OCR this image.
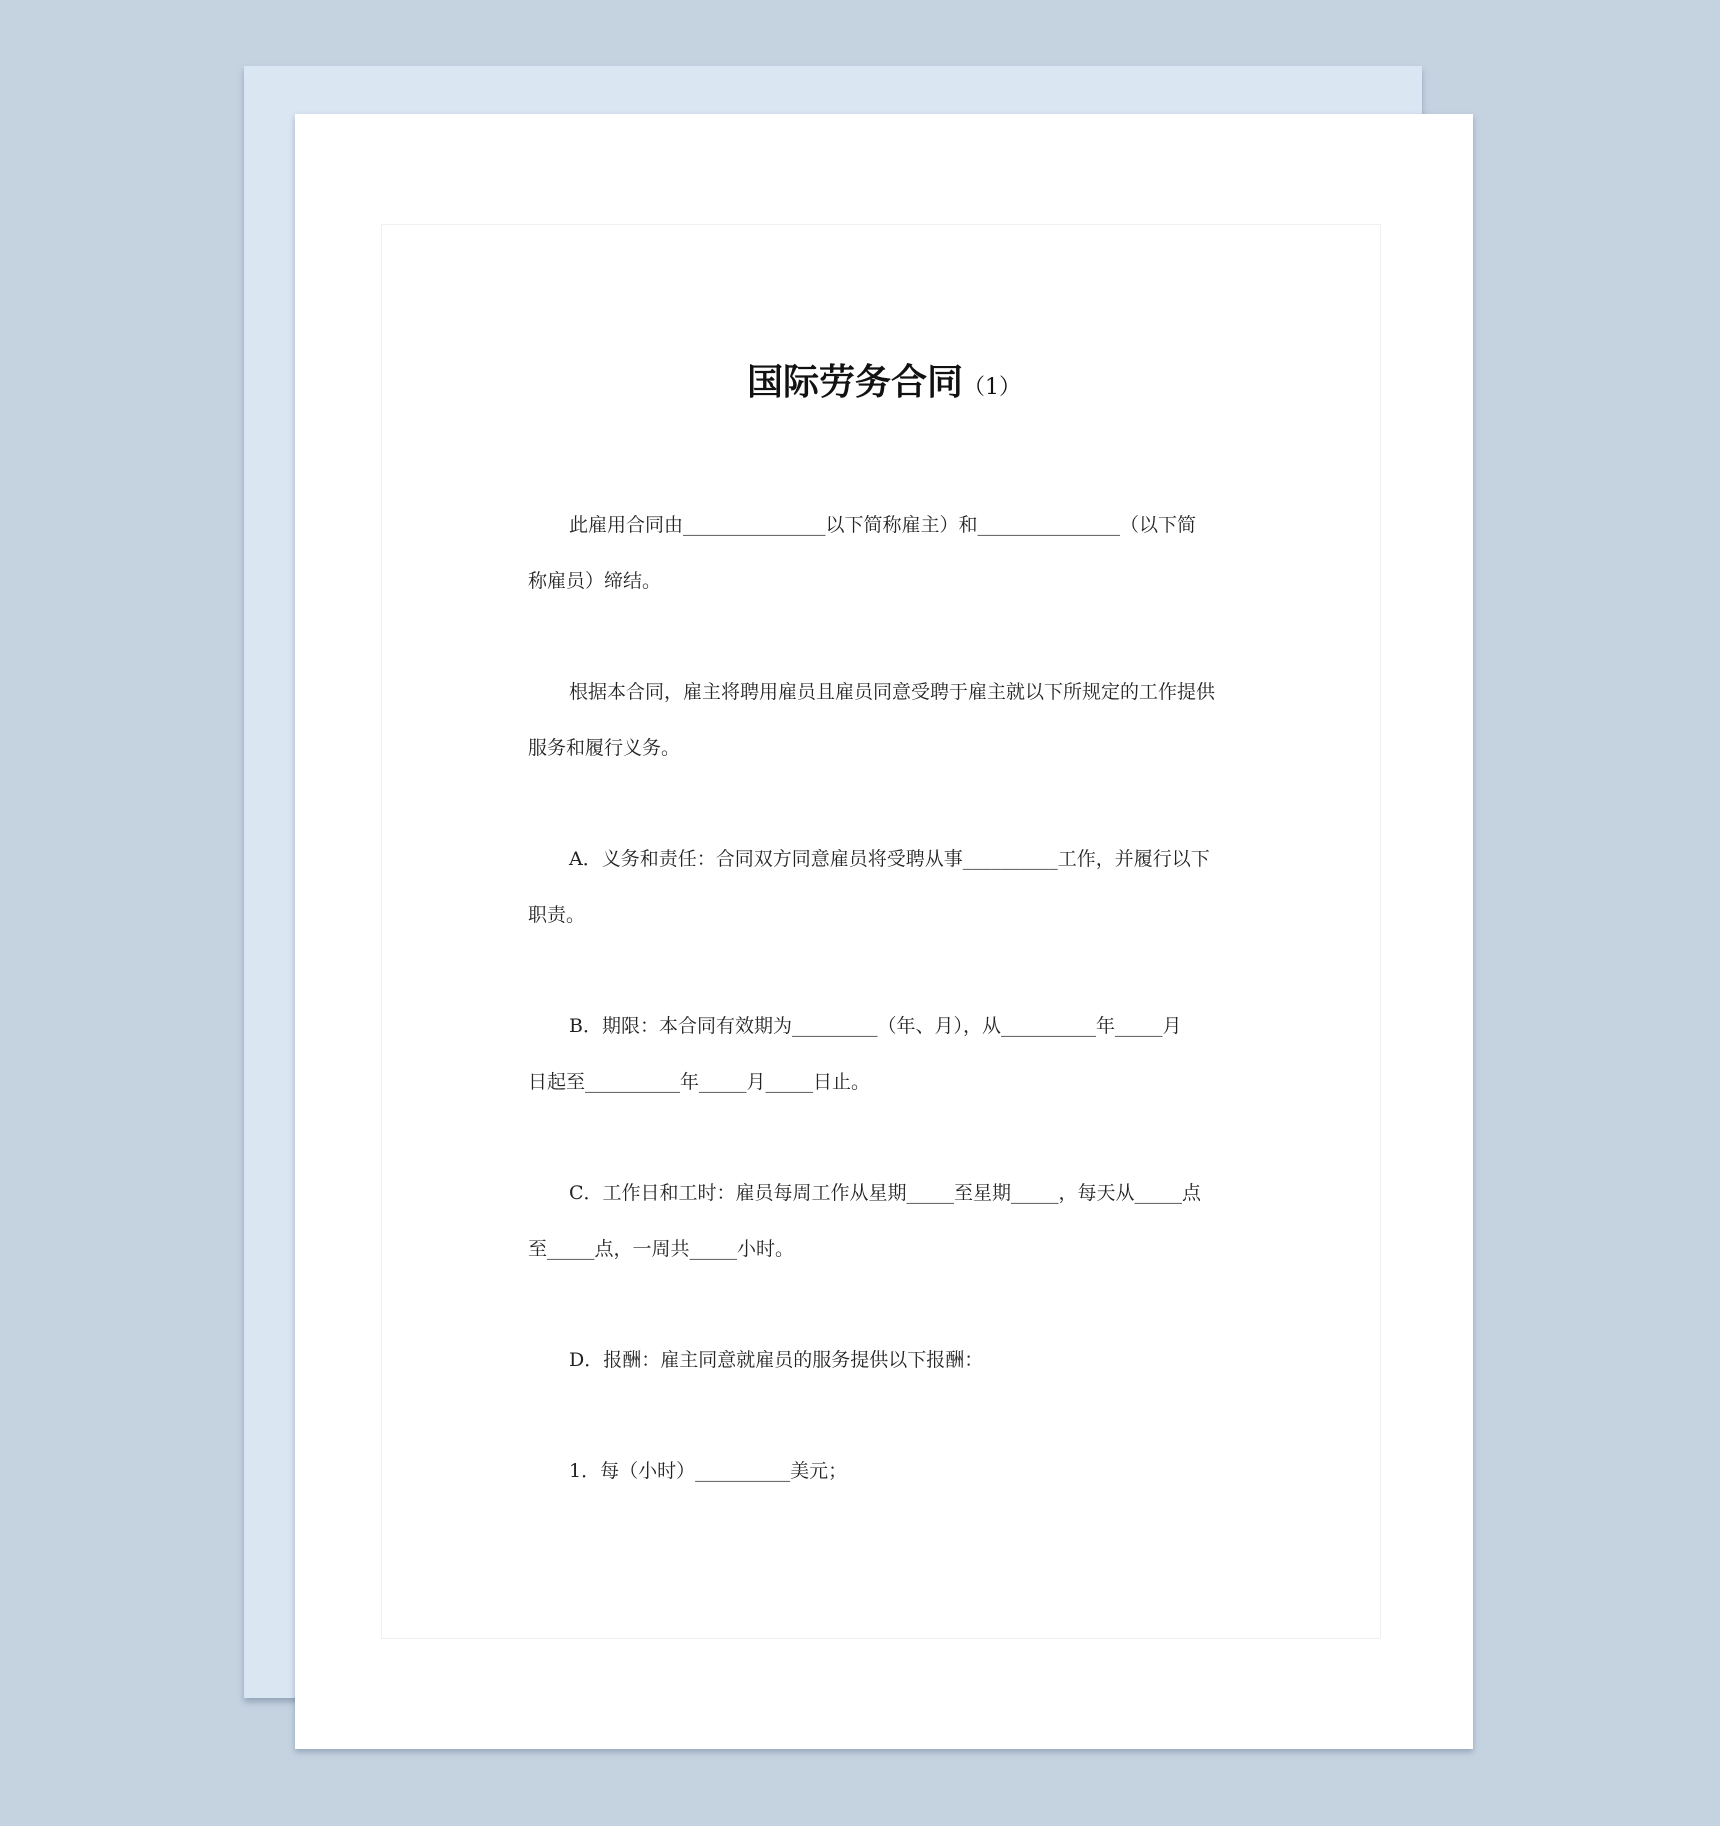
国际劳务合同（1）
此雇用合同由_______________以下简称雇主）和_______________（以下简
称雇员）缔结。
根据本合同，雇主将聘用雇员且雇员同意受聘于雇主就以下所规定的工作提供
服务和履行义务。
A．义务和责任：合同双方同意雇员将受聘从事__________工作，并履行以下
职责。
B．期限：本合同有效期为_________（年、月），从__________年_____月
日起至__________年_____月_____日止。
C．工作日和工时：雇员每周工作从星期_____至星期_____，每天从_____点
至_____点，一周共_____小时。
D．报酬：雇主同意就雇员的服务提供以下报酬：
1．每（小时）__________美元；
